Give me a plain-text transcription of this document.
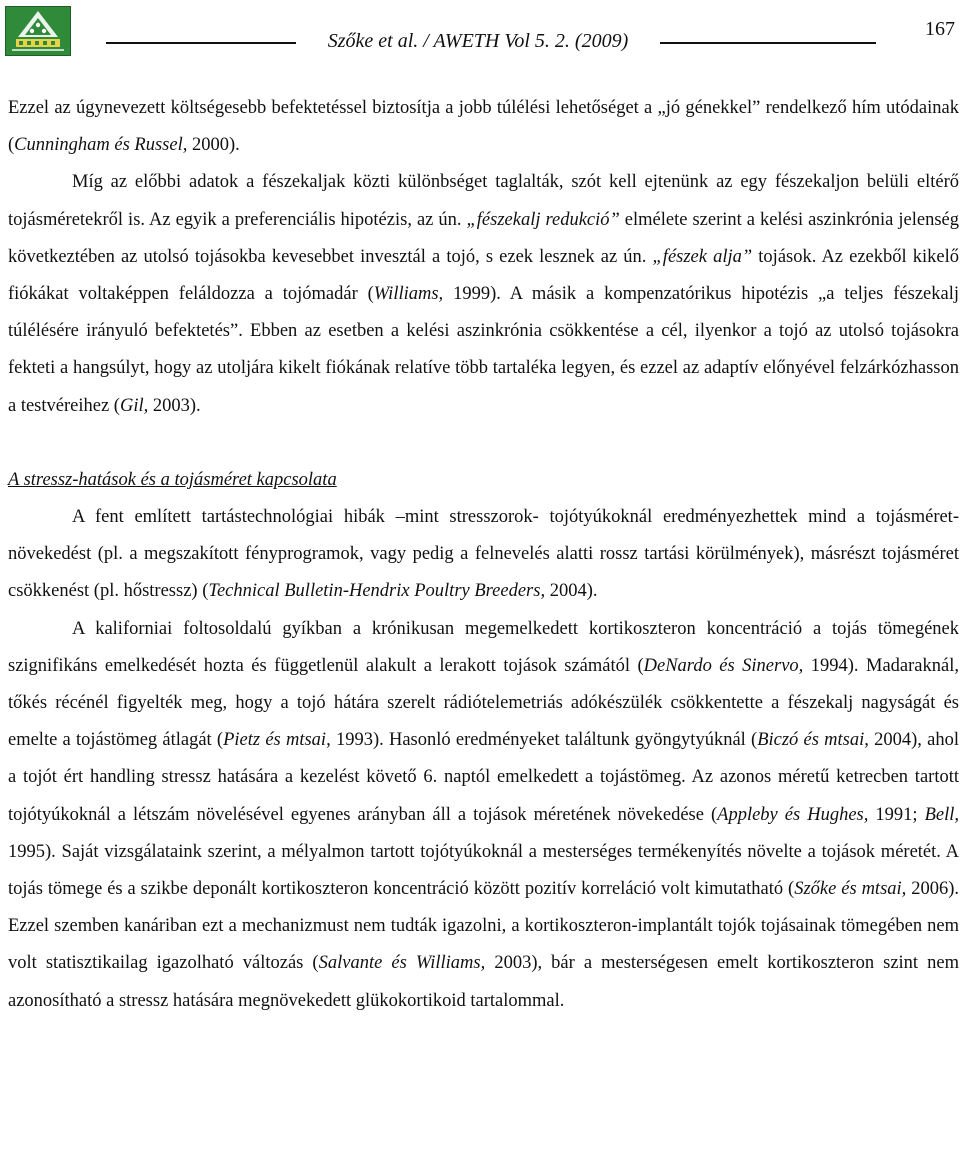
Szőke et al. / AWETH Vol 5. 2. (2009)
167

Ezzel az úgynevezett költségesebb befektetéssel biztosítja a jobb túlélési lehetőséget a „jó génekkel” rendelkező hím utódainak (Cunningham és Russel, 2000).

Míg az előbbi adatok a fészekaljak közti különbséget taglalták, szót kell ejtenünk az egy fészekaljon belüli eltérő tojásméretekről is. Az egyik a preferenciális hipotézis, az ún. „fészekalj redukció” elmélete szerint a kelési aszinkrónia jelenség következtében az utolsó tojásokba kevesebbet invesztál a tojó, s ezek lesznek az ún. „fészek alja” tojások. Az ezekből kikelő fiókákat voltaképpen feláldozza a tojómadár (Williams, 1999). A másik a kompenzatórikus hipotézis „a teljes fészekalj túlélésére irányuló befektetés”. Ebben az esetben a kelési aszinkrónia csökkentése a cél, ilyenkor a tojó az utolsó tojásokra fekteti a hangsúlyt, hogy az utoljára kikelt fiókának relatíve több tartaléka legyen, és ezzel az adaptív előnyével felzárkózhasson a testvéreihez (Gil, 2003).

A stressz-hatások és a tojásméret kapcsolata

A fent említett tartástechnológiai hibák –mint stresszorok- tojótyúkoknál eredményezhettek mind a tojásméret-növekedést (pl. a megszakított fényprogramok, vagy pedig a felnevelés alatti rossz tartási körülmények), másrészt tojásméret csökkenést (pl. hőstressz) (Technical Bulletin-Hendrix Poultry Breeders, 2004).

A kaliforniai foltosoldalú gyíkban a krónikusan megemelkedett kortikoszteron koncentráció a tojás tömegének szignifikáns emelkedését hozta és függetlenül alakult a lerakott tojások számától (DeNardo és Sinervo, 1994). Madaraknál, tőkés récénél figyelték meg, hogy a tojó hátára szerelt rádiótelemetriás adókészülék csökkentette a fészekalj nagyságát és emelte a tojástömeg átlagát (Pietz és mtsai, 1993). Hasonló eredményeket találtunk gyöngytyúknál (Biczó és mtsai, 2004), ahol a tojót ért handling stressz hatására a kezelést követő 6. naptól emelkedett a tojástömeg. Az azonos méretű ketrecben tartott tojótyúkoknál a létszám növelésével egyenes arányban áll a tojások méretének növekedése (Appleby és Hughes, 1991; Bell, 1995). Saját vizsgálataink szerint, a mélyalmon tartott tojótyúkoknál a mesterséges termékenyítés növelte a tojások méretét. A tojás tömege és a szikbe deponált kortikoszteron koncentráció között pozitív korreláció volt kimutatható (Szőke és mtsai, 2006). Ezzel szemben kanáriban ezt a mechanizmust nem tudták igazolni, a kortikoszteron-implantált tojók tojásainak tömegében nem volt statisztikailag igazolható változás (Salvante és Williams, 2003), bár a mesterségesen emelt kortikoszteron szint nem azonosítható a stressz hatására megnövekedett glükokortikoid tartalommal.
